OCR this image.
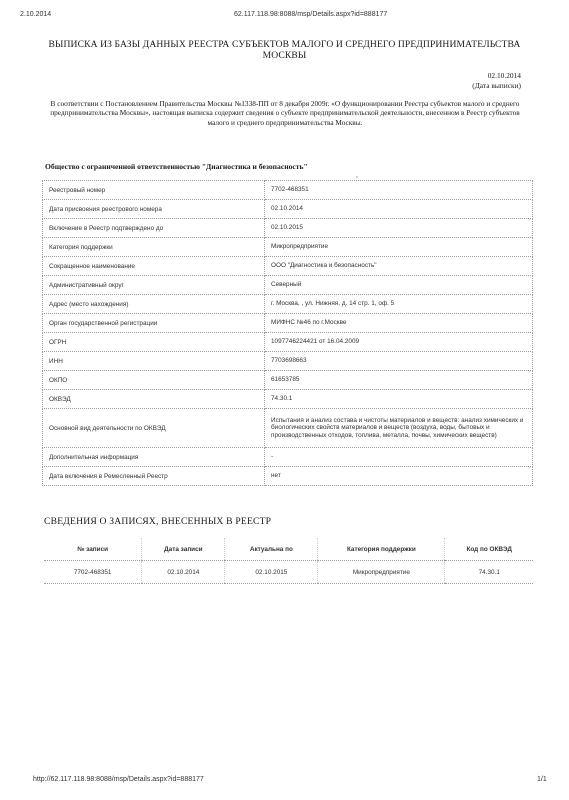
2.10.2014	62.117.118.98:8088/msp/Details.aspx?id=888177
ВЫПИСКА ИЗ БАЗЫ ДАННЫХ РЕЕСТРА СУБЪЕКТОВ МАЛОГО И СРЕДНЕГО ПРЕДПРИНИМАТЕЛЬСТВА МОСКВЫ
02.10.2014
(Дата выписки)
В соответствии с Постановлением Правительства Москвы №1338-ПП от 8 декабря 2009г. «О функционировании Реестра субъектов малого и среднего предпринимательства Москвы», настоящая выписка содержит сведения о субъекте предпринимательской деятельности, внесенном в Реестр субъектов малого и среднего предпринимательства Москвы.
Общество с ограниченной ответственностью "Диагностика и безопасность"
Реестровый номер	7702-468351
Дата присвоения реестрового номера	02.10.2014
Включение в Реестр подтверждено до	02.10.2015
Категория поддержки	Микропредприятие
Сокращенное наименование	ООО "Диагностика и безопасность"
Административный округ	Северный
Адрес (место нахождения)	г. Москва, , ул. Нижняя, д. 14 стр. 1, оф. 5
Орган государственной регистрации	МИФНС №46 по г.Москве
ОГРН	1097746224421 от 16.04.2009
ИНН	7703698663
ОКПО	61653785
ОКВЭД	74.30.1
Основной вид деятельности по ОКВЭД	Испытания и анализ состава и чистоты материалов и веществ: анализ химических и биологических свойств материалов и веществ (воздуха, воды, бытовых и производственных отходов, топлива, металла, почвы, химических веществ)
Дополнительная информация	-
Дата включения в Ремесленный Реестр	нет
СВЕДЕНИЯ О ЗАПИСЯХ, ВНЕСЕННЫХ В РЕЕСТР
№ записи	Дата записи	Актуальна по	Категория поддержки	Код по ОКВЭД
7702-468351	02.10.2014	02.10.2015	Микропредприятие	74.30.1
http://62.117.118.98:8088/msp/Details.aspx?id=888177	1/1
